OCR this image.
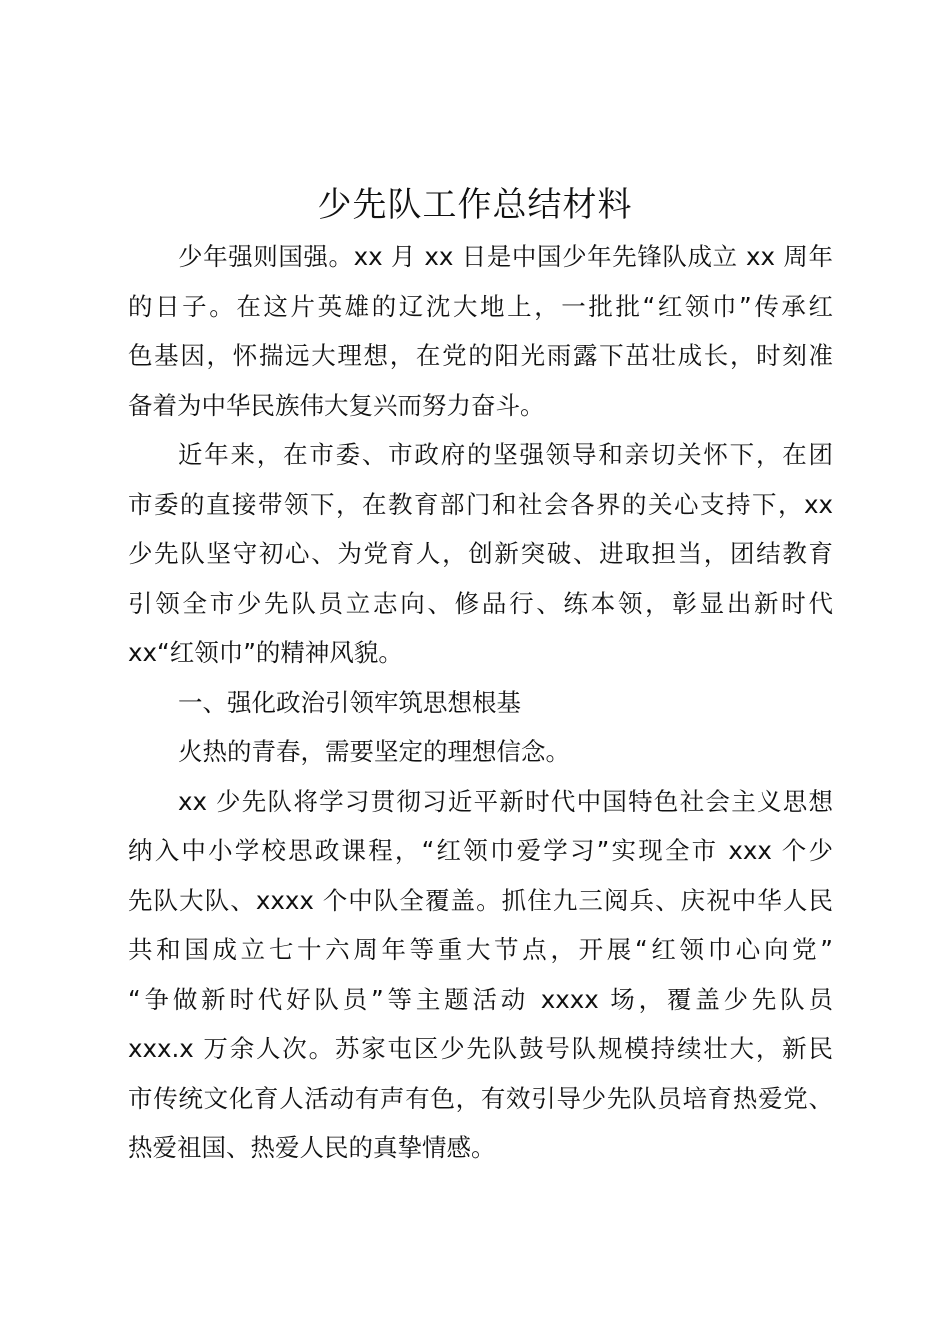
少先队工作总结材料
少年强则国强。xx 月 xx 日是中国少年先锋队成立 xx 周年
的日子。在这片英雄的辽沈大地上，一批批“红领巾”传承红
色基因，怀揣远大理想，在党的阳光雨露下茁壮成长，时刻准
备着为中华民族伟大复兴而努力奋斗。
近年来，在市委、市政府的坚强领导和亲切关怀下，在团
市委的直接带领下，在教育部门和社会各界的关心支持下，xx
少先队坚守初心、为党育人，创新突破、进取担当，团结教育
引领全市少先队员立志向、修品行、练本领，彰显出新时代
xx“红领巾”的精神风貌。
一、强化政治引领牢筑思想根基
火热的青春，需要坚定的理想信念。
xx 少先队将学习贯彻习近平新时代中国特色社会主义思想
纳入中小学校思政课程，“红领巾爱学习”实现全市 xxx 个少
先队大队、xxxx 个中队全覆盖。抓住九三阅兵、庆祝中华人民
共和国成立七十六周年等重大节点，开展“红领巾心向党”
“争做新时代好队员”等主题活动 xxxx 场，覆盖少先队员
xxx.x 万余人次。苏家屯区少先队鼓号队规模持续壮大，新民
市传统文化育人活动有声有色，有效引导少先队员培育热爱党、
热爱祖国、热爱人民的真挚情感。
